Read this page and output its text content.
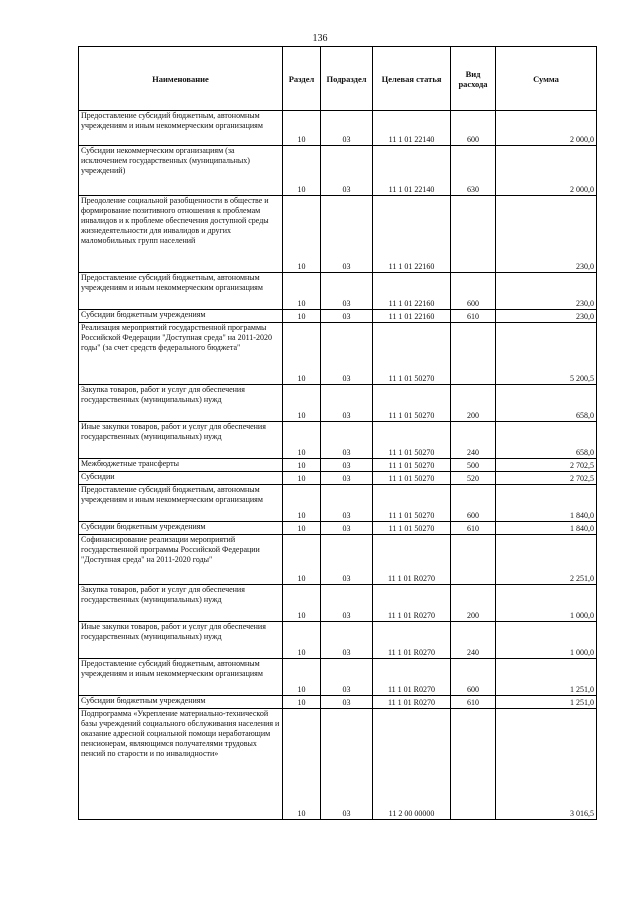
136
Наименование	Раздел	Подраздел	Целевая статья	Вид расхода	Сумма
Предоставление субсидий бюджетным, автономным учреждениям и иным некоммерческим организациям	10	03	11 1 01 22140	600	2 000,0
Субсидии некоммерческим организациям (за исключением государственных (муниципальных) учреждений)	10	03	11 1 01 22140	630	2 000,0
Преодоление социальной разобщенности в обществе и формирование позитивного отношения к проблемам инвалидов и к проблеме обеспечения доступной среды жизнедеятельности для инвалидов и других маломобильных групп населений	10	03	11 1 01 22160		230,0
Предоставление субсидий бюджетным, автономным учреждениям и иным некоммерческим организациям	10	03	11 1 01 22160	600	230,0
Субсидии бюджетным учреждениям	10	03	11 1 01 22160	610	230,0
Реализация мероприятий государственной программы Российской Федерации "Доступная среда" на 2011-2020 годы" (за счет средств федерального бюджета"	10	03	11 1 01 50270		5 200,5
Закупка товаров, работ и услуг для обеспечения государственных (муниципальных) нужд	10	03	11 1 01 50270	200	658,0
Иные закупки товаров, работ и услуг для обеспечения государственных (муниципальных) нужд	10	03	11 1 01 50270	240	658,0
Межбюджетные трансферты	10	03	11 1 01 50270	500	2 702,5
Субсидии	10	03	11 1 01 50270	520	2 702,5
Предоставление субсидий бюджетным, автономным учреждениям и иным некоммерческим организациям	10	03	11 1 01 50270	600	1 840,0
Субсидии бюджетным учреждениям	10	03	11 1 01 50270	610	1 840,0
Софинансирование реализации мероприятий государственной программы Российской Федерации "Доступная среда" на 2011-2020 годы"	10	03	11 1 01 R0270		2 251,0
Закупка товаров, работ и услуг для обеспечения государственных (муниципальных) нужд	10	03	11 1 01 R0270	200	1 000,0
Иные закупки товаров, работ и услуг для обеспечения государственных (муниципальных) нужд	10	03	11 1 01 R0270	240	1 000,0
Предоставление субсидий бюджетным, автономным учреждениям и иным некоммерческим организациям	10	03	11 1 01 R0270	600	1 251,0
Субсидии бюджетным учреждениям	10	03	11 1 01 R0270	610	1 251,0
Подпрограмма «Укрепление материально-технической базы учреждений социального обслуживания населения и оказание адресной социальной помощи неработающим пенсионерам, являющимся получателями трудовых пенсий по старости и по инвалидности»	10	03	11 2 00 00000		3 016,5
